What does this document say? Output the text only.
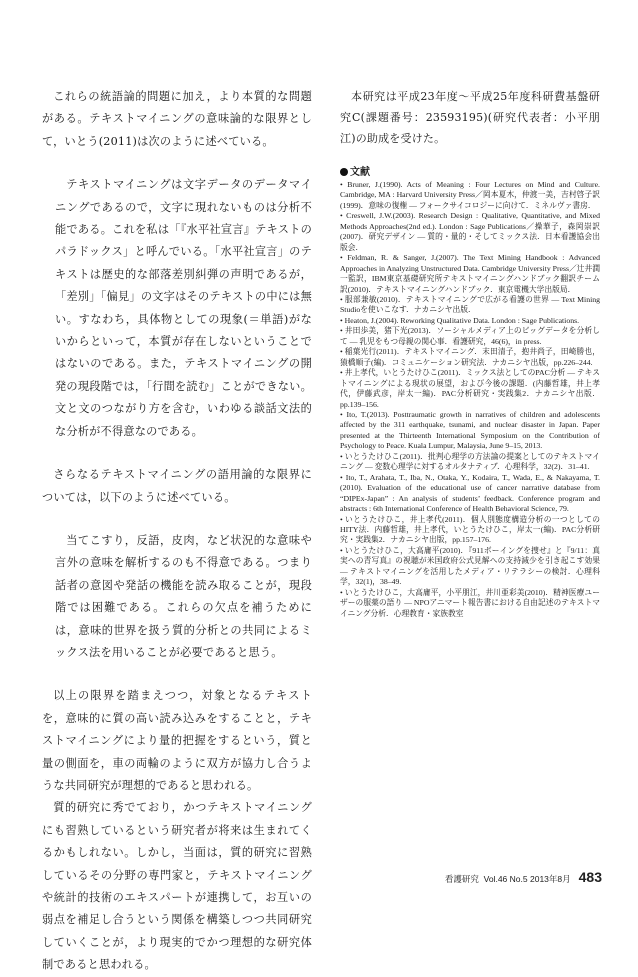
これらの統語論的問題に加え，より本質的な問題がある。テキストマイニングの意味論的な限界として，いとう(2011)は次のように述べている。

テキストマイニングは文字データのデータマイニングであるので，文字に現れないものは分析不能である。これを私は「『水平社宣言』テキストのパラドックス」と呼んでいる。「水平社宣言」のテキストは歴史的な部落差別糾弾の声明であるが，「差別」「偏見」の文字はそのテキストの中には無い。すなわち，具体物としての現象(＝単語)がないからといって，本質が存在しないということではないのである。また，テキストマイニングの開発の現段階では，「行間を読む」ことができない。文と文のつながり方を含む，いわゆる談話文法的な分析が不得意なのである。

さらなるテキストマイニングの語用論的な限界については，以下のように述べている。

当てこすり，反語，皮肉，など状況的な意味や言外の意味を解析するのも不得意である。つまり話者の意図や発話の機能を読み取ることが，現段階では困難である。これらの欠点を補うためには，意味的世界を扱う質的分析との共同によるミックス法を用いることが必要であると思う。

以上の限界を踏まえつつ，対象となるテキストを，意味的に質の高い読み込みをすることと，テキストマイニングにより量的把握をするという，質と量の側面を，車の両輪のように双方が協力し合うような共同研究が理想的であると思われる。

質的研究に秀でており，かつテキストマイニングにも習熟しているという研究者が将来は生まれてくるかもしれない。しかし，当面は，質的研究に習熟しているその分野の専門家と，テキストマイニングや統計的技術のエキスパートが連携して，お互いの弱点を補足し合うという関係を構築しつつ共同研究していくことが，より現実的でかつ理想的な研究体制であると思われる。

本研究は平成23年度～平成25年度科研費基盤研究C(課題番号：23593195)(研究代表者：小平朋江)の助成を受けた。

文献

• Bruner, J.(1990). Acts of Meaning : Four Lectures on Mind and Culture. Cambridge, MA : Harvard University Press／岡本夏木，仲渡一美，吉村啓子訳(1999)．意味の復権 ― フォークサイコロジーに向けて．ミネルヴァ書房．

• Creswell, J.W.(2003). Research Design : Qualitative, Quantitative, and Mixed Methods Approaches(2nd ed.). London : Sage Publications／操華子，森岡崇訳(2007)．研究デザイン ― 質的・量的・そしてミックス法．日本看護協会出版会．

• Feldman, R. & Sanger, J.(2007). The Text Mining Handbook : Advanced Approaches in Analyzing Unstructured Data. Cambridge University Press／辻井潤一監訳，IBM東京基礎研究所テキストマイニングハンドブック翻訳チーム訳(2010)．テキストマイニングハンドブック．東京電機大学出版局．

• 服部兼敏(2010)．テキストマイニングで広がる看護の世界 ― Text Mining Studioを使いこなす．ナカニシヤ出版．

• Heaton, J.(2004). Reworking Qualitative Data. London : Sage Publications.

• 井田歩美，猪下光(2013)．ソーシャルメディア上のビッグデータを分析して ― 乳児をもつ母親の関心事．看護研究，46(6)，in press.

• 稲葉光行(2011)．テキストマイニング．末田清子，抱井尚子，田崎勝也，猿橋順子(編)．コミュニケーション研究法．ナカニシヤ出版，pp.226–244.

• 井上孝代，いとうたけひこ(2011)．ミックス法としてのPAC分析 ― テキストマイニングによる現状の展望，および今後の課題．(内藤哲雄，井上孝代，伊藤武彦，岸太一編)．PAC分析研究・実践集2．ナカニシヤ出版．pp.139–156.

• Ito, T.(2013). Posttraumatic growth in narratives of children and adolescents affected by the 311 earthquake, tsunami, and nuclear disaster in Japan. Paper presented at the Thirteenth International Symposium on the Contribution of Psychology to Peace. Kuala Lumpur, Malaysia, June 9–15, 2013.

• いとうたけひこ(2011)．批判心理学の方法論の提案としてのテキストマイニング ― 変数心理学に対するオルタナティブ．心理科学，32(2)．31–41.

• Ito, T., Arahata, T., Iba, N., Otaka, Y., Kodaira, T., Wada, E., & Nakayama, T.(2010). Evaluation of the educational use of cancer narrative database from “DIPEx-Japan” : An analysis of students’ feedback. Conference program and abstracts : 6th International Conference of Health Behavioral Science, 79.

• いとうたけひこ，井上孝代(2011)．個人別態度構造分析の一つとしてのHITY法．内藤哲雄，井上孝代，いとうたけひこ，岸太一(編)．PAC分析研究・実践集2．ナカニシヤ出版，pp.157–176.

• いとうたけひこ，大高庸平(2010)．『911ボーイングを捜せ』と『9/11：真実への青写真』の視聴が米国政府公式見解への支持減少を引き起こす効果 ― テキストマイニングを活用したメディア・リテラシーの検討．心理科学，32(1)，38–49.

• いとうたけひこ，大高庸平，小平朋江，井川亜彩美(2010)．精神医療ユーザーの服薬の語り ― NPOアニマート報告書における自由記述のテキストマイニング分析．心理教育・家族教室

看護研究
Vol.46
No.5
2013年8月 483
